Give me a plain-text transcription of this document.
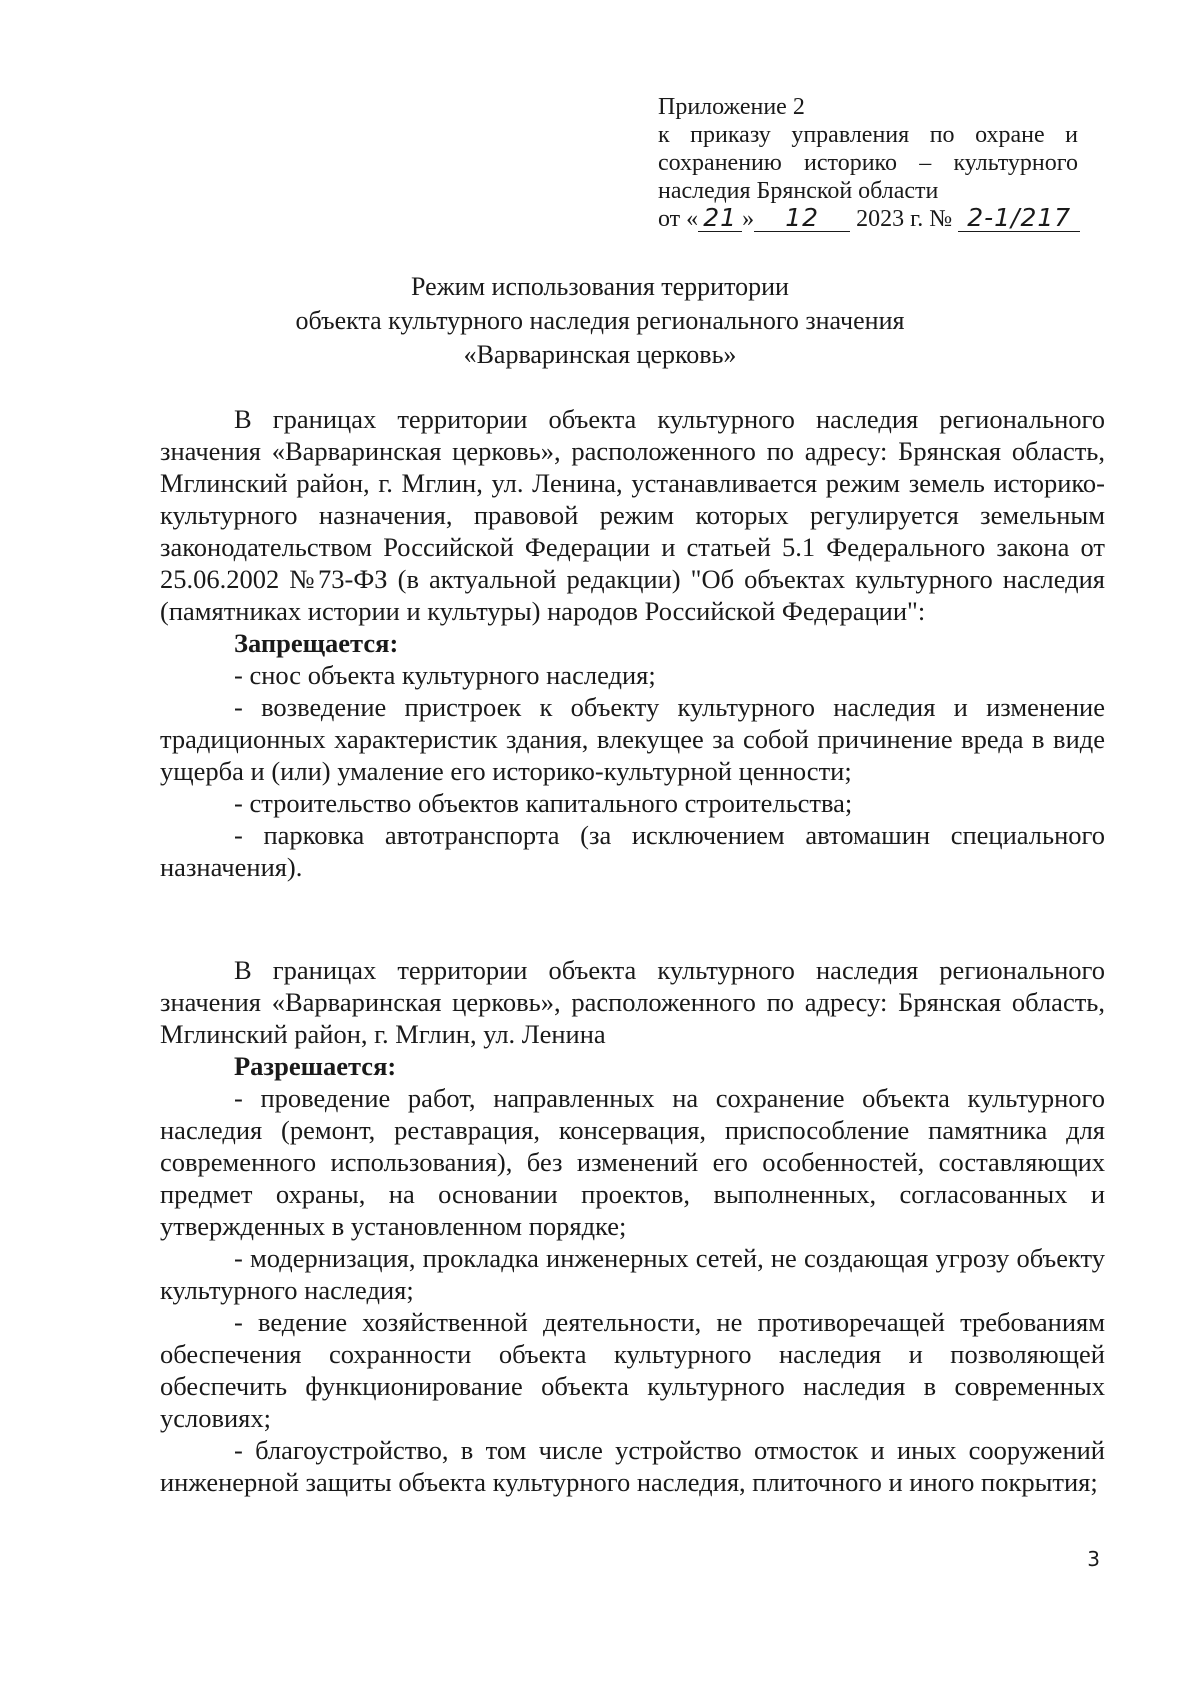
Приложение 2
к приказу управления по охране и
сохранению историко – культурного
наследия Брянской области
от « 21 » 12 2023 г. № 2-1/217
Режим использования территории
объекта культурного наследия регионального значения
«Варваринская церковь»

В границах территории объекта культурного наследия регионального значения «Варваринская церковь», расположенного по адресу: Брянская область, Мглинский район, г. Мглин, ул. Ленина, устанавливается режим земель историко-культурного назначения, правовой режим которых регулируется земельным законодательством Российской Федерации и статьей 5.1 Федерального закона от 25.06.2002 №73-ФЗ (в актуальной редакции) "Об объектах культурного наследия (памятниках истории и культуры) народов Российской Федерации":

Запрещается:

- снос объекта культурного наследия;

- возведение пристроек к объекту культурного наследия и изменение традиционных характеристик здания, влекущее за собой причинение вреда в виде ущерба и (или) умаление его историко-культурной ценности;

- строительство объектов капитального строительства;

- парковка автотранспорта (за исключением автомашин специального назначения).

В границах территории объекта культурного наследия регионального значения «Варваринская церковь», расположенного по адресу: Брянская область, Мглинский район, г. Мглин, ул. Ленина

Разрешается:

- проведение работ, направленных на сохранение объекта культурного наследия (ремонт, реставрация, консервация, приспособление памятника для современного использования), без изменений его особенностей, составляющих предмет охраны, на основании проектов, выполненных, согласованных и утвержденных в установленном порядке;

- модернизация, прокладка инженерных сетей, не создающая угрозу объекту культурного наследия;

- ведение хозяйственной деятельности, не противоречащей требованиям обеспечения сохранности объекта культурного наследия и позволяющей обеспечить функционирование объекта культурного наследия в современных условиях;

- благоустройство, в том числе устройство отмосток и иных сооружений инженерной защиты объекта культурного наследия, плиточного и иного покрытия;

3
